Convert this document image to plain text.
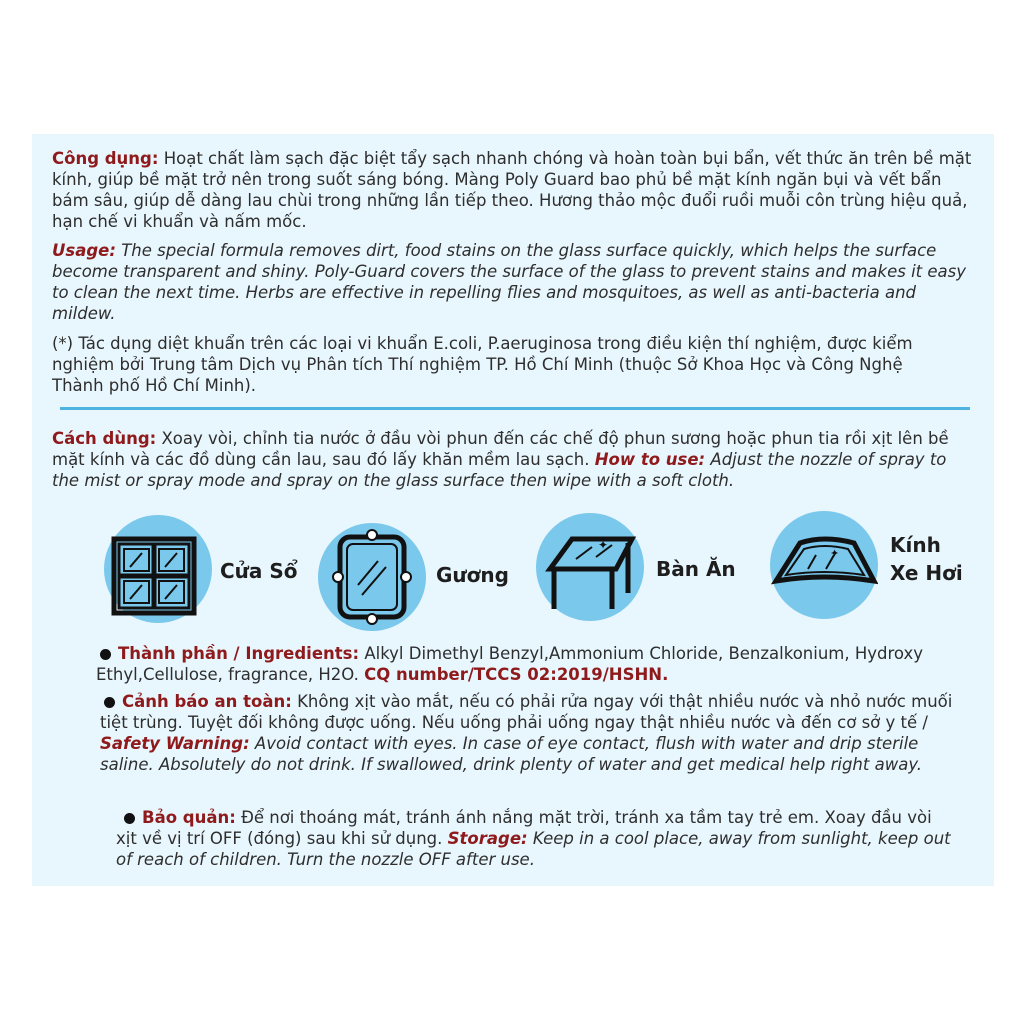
Công dụng: Hoạt chất làm sạch đặc biệt tẩy sạch nhanh chóng và hoàn toàn bụi bẩn, vết thức ăn trên bề mặt kính, giúp bề mặt trở nên trong suốt sáng bóng. Màng Poly Guard bao phủ bề mặt kính ngăn bụi và vết bẩn bám sâu, giúp dễ dàng lau chùi trong những lần tiếp theo. Hương thảo mộc đuổi ruồi muỗi côn trùng hiệu quả, hạn chế vi khuẩn và nấm mốc.

Usage: The special formula removes dirt, food stains on the glass surface quickly, which helps the surface become transparent and shiny. Poly-Guard covers the surface of the glass to prevent stains and makes it easy to clean the next time. Herbs are effective in repelling flies and mosquitoes, as well as anti-bacteria and mildew.

(*) Tác dụng diệt khuẩn trên các loại vi khuẩn E.coli, P.aeruginosa trong điều kiện thí nghiệm, được kiểm nghiệm bởi Trung tâm Dịch vụ Phân tích Thí nghiệm TP. Hồ Chí Minh (thuộc Sở Khoa Học và Công Nghệ Thành phố Hồ Chí Minh).

Cách dùng: Xoay vòi, chỉnh tia nước ở đầu vòi phun đến các chế độ phun sương hoặc phun tia rồi xịt lên bề mặt kính và các đồ dùng cần lau, sau đó lấy khăn mềm lau sạch. How to use: Adjust the nozzle of spray to the mist or spray mode and spray on the glass surface then wipe with a soft cloth.

Cửa Sổ	Gương
✦
Bàn Ăn
✦	Kính
Xe Hơi

Thành phần / Ingredients: Alkyl Dimethyl Benzyl,Ammonium Chloride, Benzalkonium, Hydroxy Ethyl,Cellulose, fragrance, H2O. CQ number/TCCS 02:2019/HSHN.

Cảnh báo an toàn: Không xịt vào mắt, nếu có phải rửa ngay với thật nhiều nước và nhỏ nước muối tiệt trùng. Tuyệt đối không được uống. Nếu uống phải uống ngay thật nhiều nước và đến cơ sở y tế / Safety Warning: Avoid contact with eyes. In case of eye contact, flush with water and drip sterile saline. Absolutely do not drink. If swallowed, drink plenty of water and get medical help right away.

Bảo quản: Để nơi thoáng mát, tránh ánh nắng mặt trời, tránh xa tầm tay trẻ em. Xoay đầu vòi xịt về vị trí OFF (đóng) sau khi sử dụng. Storage: Keep in a cool place, away from sunlight, keep out of reach of children. Turn the nozzle OFF after use.
